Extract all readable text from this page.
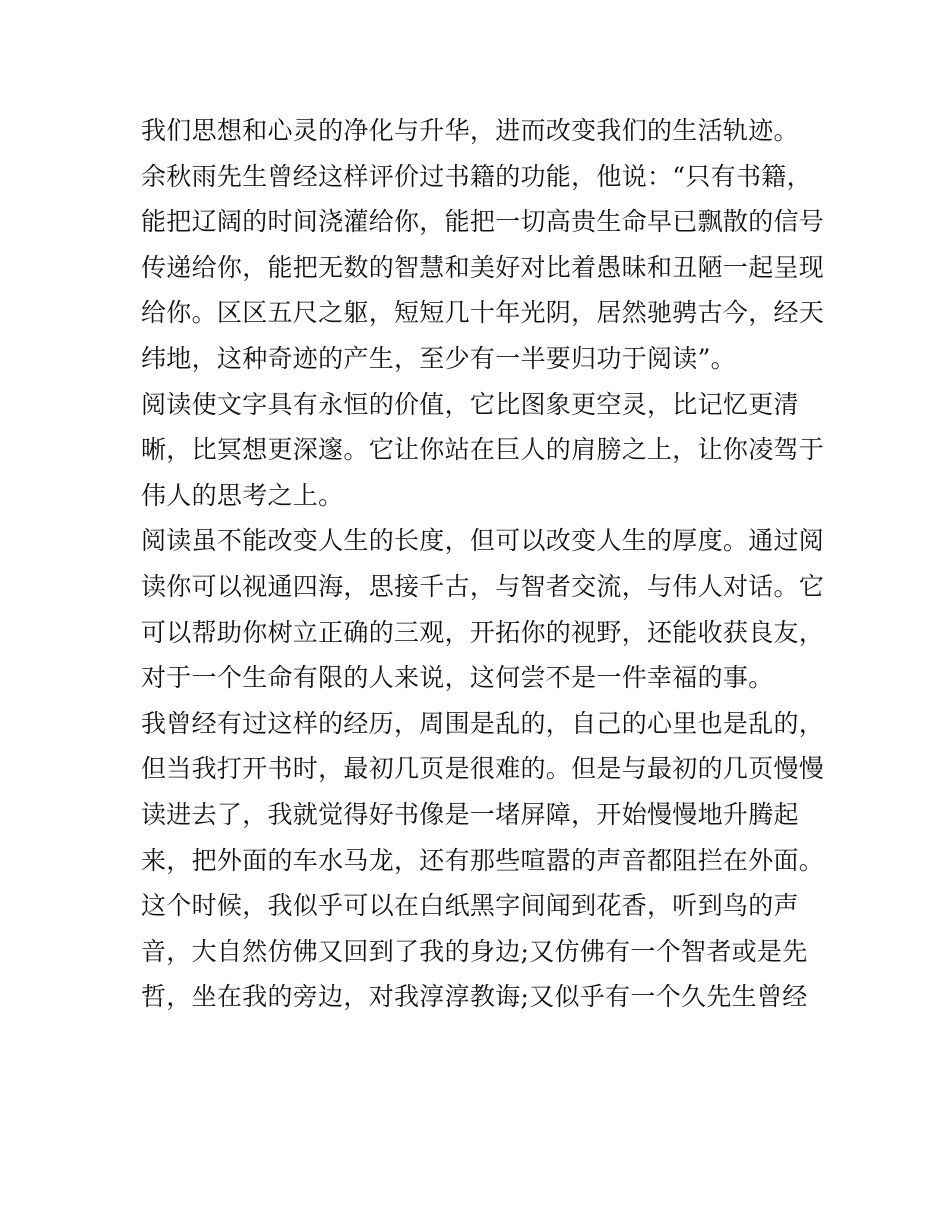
我们思想和心灵的净化与升华，进而改变我们的生活轨迹。
余秋雨先生曾经这样评价过书籍的功能，他说：“只有书籍，
能把辽阔的时间浇灌给你，能把一切高贵生命早已飘散的信号
传递给你，能把无数的智慧和美好对比着愚昧和丑陋一起呈现
给你。区区五尺之躯，短短几十年光阴，居然驰骋古今，经天
纬地，这种奇迹的产生，至少有一半要归功于阅读”。
阅读使文字具有永恒的价值，它比图象更空灵，比记忆更清
晰，比冥想更深邃。它让你站在巨人的肩膀之上，让你凌驾于
伟人的思考之上。
阅读虽不能改变人生的长度，但可以改变人生的厚度。通过阅
读你可以视通四海，思接千古，与智者交流，与伟人对话。它
可以帮助你树立正确的三观，开拓你的视野，还能收获良友，
对于一个生命有限的人来说，这何尝不是一件幸福的事。
我曾经有过这样的经历，周围是乱的，自己的心里也是乱的，
但当我打开书时，最初几页是很难的。但是与最初的几页慢慢
读进去了，我就觉得好书像是一堵屏障，开始慢慢地升腾起
来，把外面的车水马龙，还有那些喧嚣的声音都阻拦在外面。
这个时候，我似乎可以在白纸黑字间闻到花香，听到鸟的声
音，大自然仿佛又回到了我的身边;又仿佛有一个智者或是先
哲，坐在我的旁边，对我淳淳教诲;又似乎有一个久先生曾经
